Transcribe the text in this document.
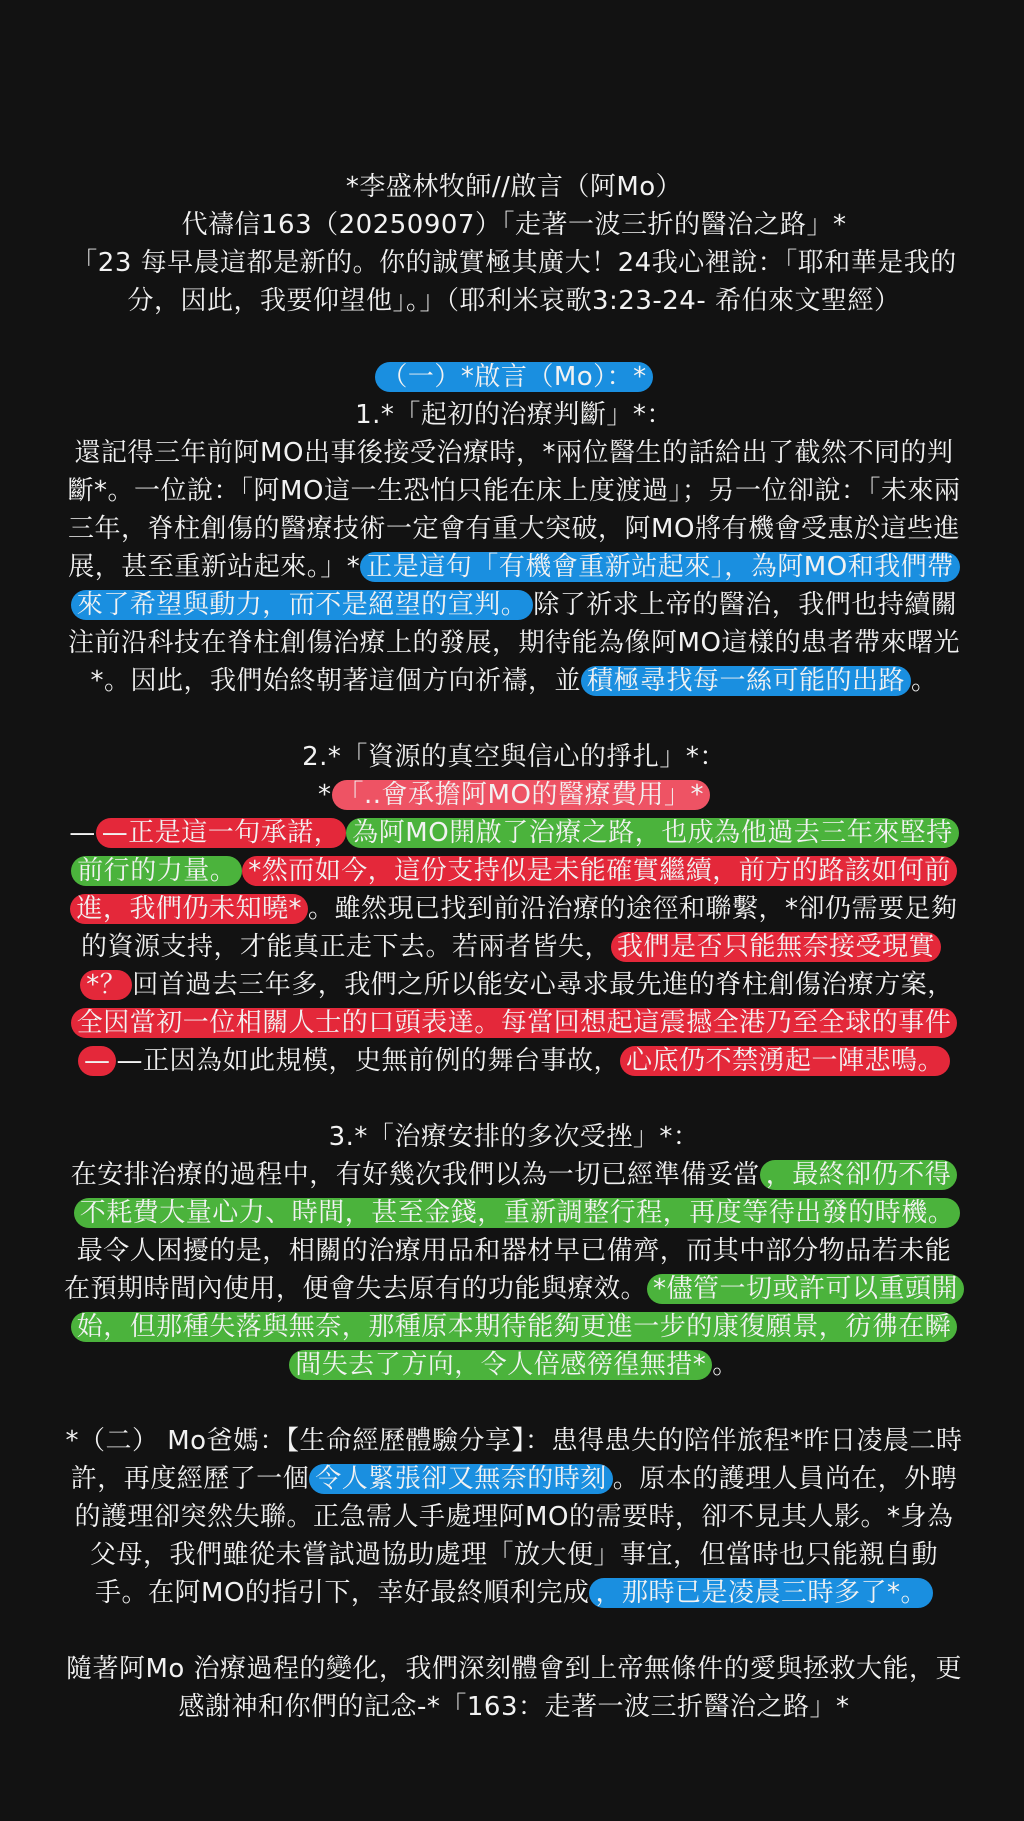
*李盛林牧師//啟言（阿Mo）
代禱信163（20250907）「走著一波三折的醫治之路」*
「23 每早晨這都是新的。你的誠實極其廣大！24我心裡說：「耶和華是我的分，因此，我要仰望他」。」（耶利米哀歌3:23-24- 希伯來文聖經）

（一）*啟言（Mo）：*

1.*「起初的治療判斷」*：

還記得三年前阿MO出事後接受治療時，*兩位醫生的話給出了截然不同的判斷*。一位說：「阿MO這一生恐怕只能在床上度渡過」；另一位卻說：「未來兩三年，脊柱創傷的醫療技術一定會有重大突破，阿MO將有機會受惠於這些進展，甚至重新站起來。」* 正是這句「有機會重新站起來」，為阿MO和我們帶來了希望與動力，而不是絕望的宣判。 除了祈求上帝的醫治，我們也持續關注前沿科技在脊柱創傷治療上的發展，期待能為像阿MO這樣的患者帶來曙光*。因此，我們始終朝著這個方向祈禱，並 積極尋找每一絲可能的出路 。

2.*「資源的真空與信心的掙扎」*：

* 「..會承擔阿MO的醫療費用」*
— —正是這一句承諾， 為阿MO開啟了治療之路，也成為他過去三年來堅持前行的力量。 *然而如今，這份支持似是未能確實繼續，前方的路該如何前進，我們仍未知曉* 。雖然現已找到前沿治療的途徑和聯繫，*卻仍需要足夠的資源支持，才能真正走下去。若兩者皆失， 我們是否只能無奈接受現實*？ 回首過去三年多，我們之所以能安心尋求最先進的脊柱創傷治療方案，全因當初一位相關人士的口頭表達。每當回想起這震撼全港乃至全球的事件— —正因為如此規模，史無前例的舞台事故， 心底仍不禁湧起一陣悲鳴。

3.*「治療安排的多次受挫」*：

在安排治療的過程中，有好幾次我們以為一切已經準備妥當 ，最終卻仍不得不耗費大量心力、時間，甚至金錢，重新調整行程，再度等待出發的時機。最令人困擾的是，相關的治療用品和器材早已備齊，而其中部分物品若未能在預期時間內使用，便會失去原有的功能與療效。 *儘管一切或許可以重頭開始，但那種失落與無奈，那種原本期待能夠更進一步的康復願景，彷彿在瞬間失去了方向，令人倍感徬徨無措* 。

*（二） Mo爸媽：【生命經歷體驗分享】：患得患失的陪伴旅程*昨日凌晨二時許，再度經歷了一個 令人緊張卻又無奈的時刻 。原本的護理人員尚在，外聘的護理卻突然失聯。正急需人手處理阿MO的需要時，卻不見其人影。*身為父母，我們雖從未嘗試過協助處理「放大便」事宜，但當時也只能親自動手。在阿MO的指引下，幸好最終順利完成 ，那時已是凌晨三時多了*。

隨著阿Mo 治療過程的變化，我們深刻體會到上帝無條件的愛與拯救大能，更感謝神和你們的記念-*「163：走著一波三折醫治之路」*
